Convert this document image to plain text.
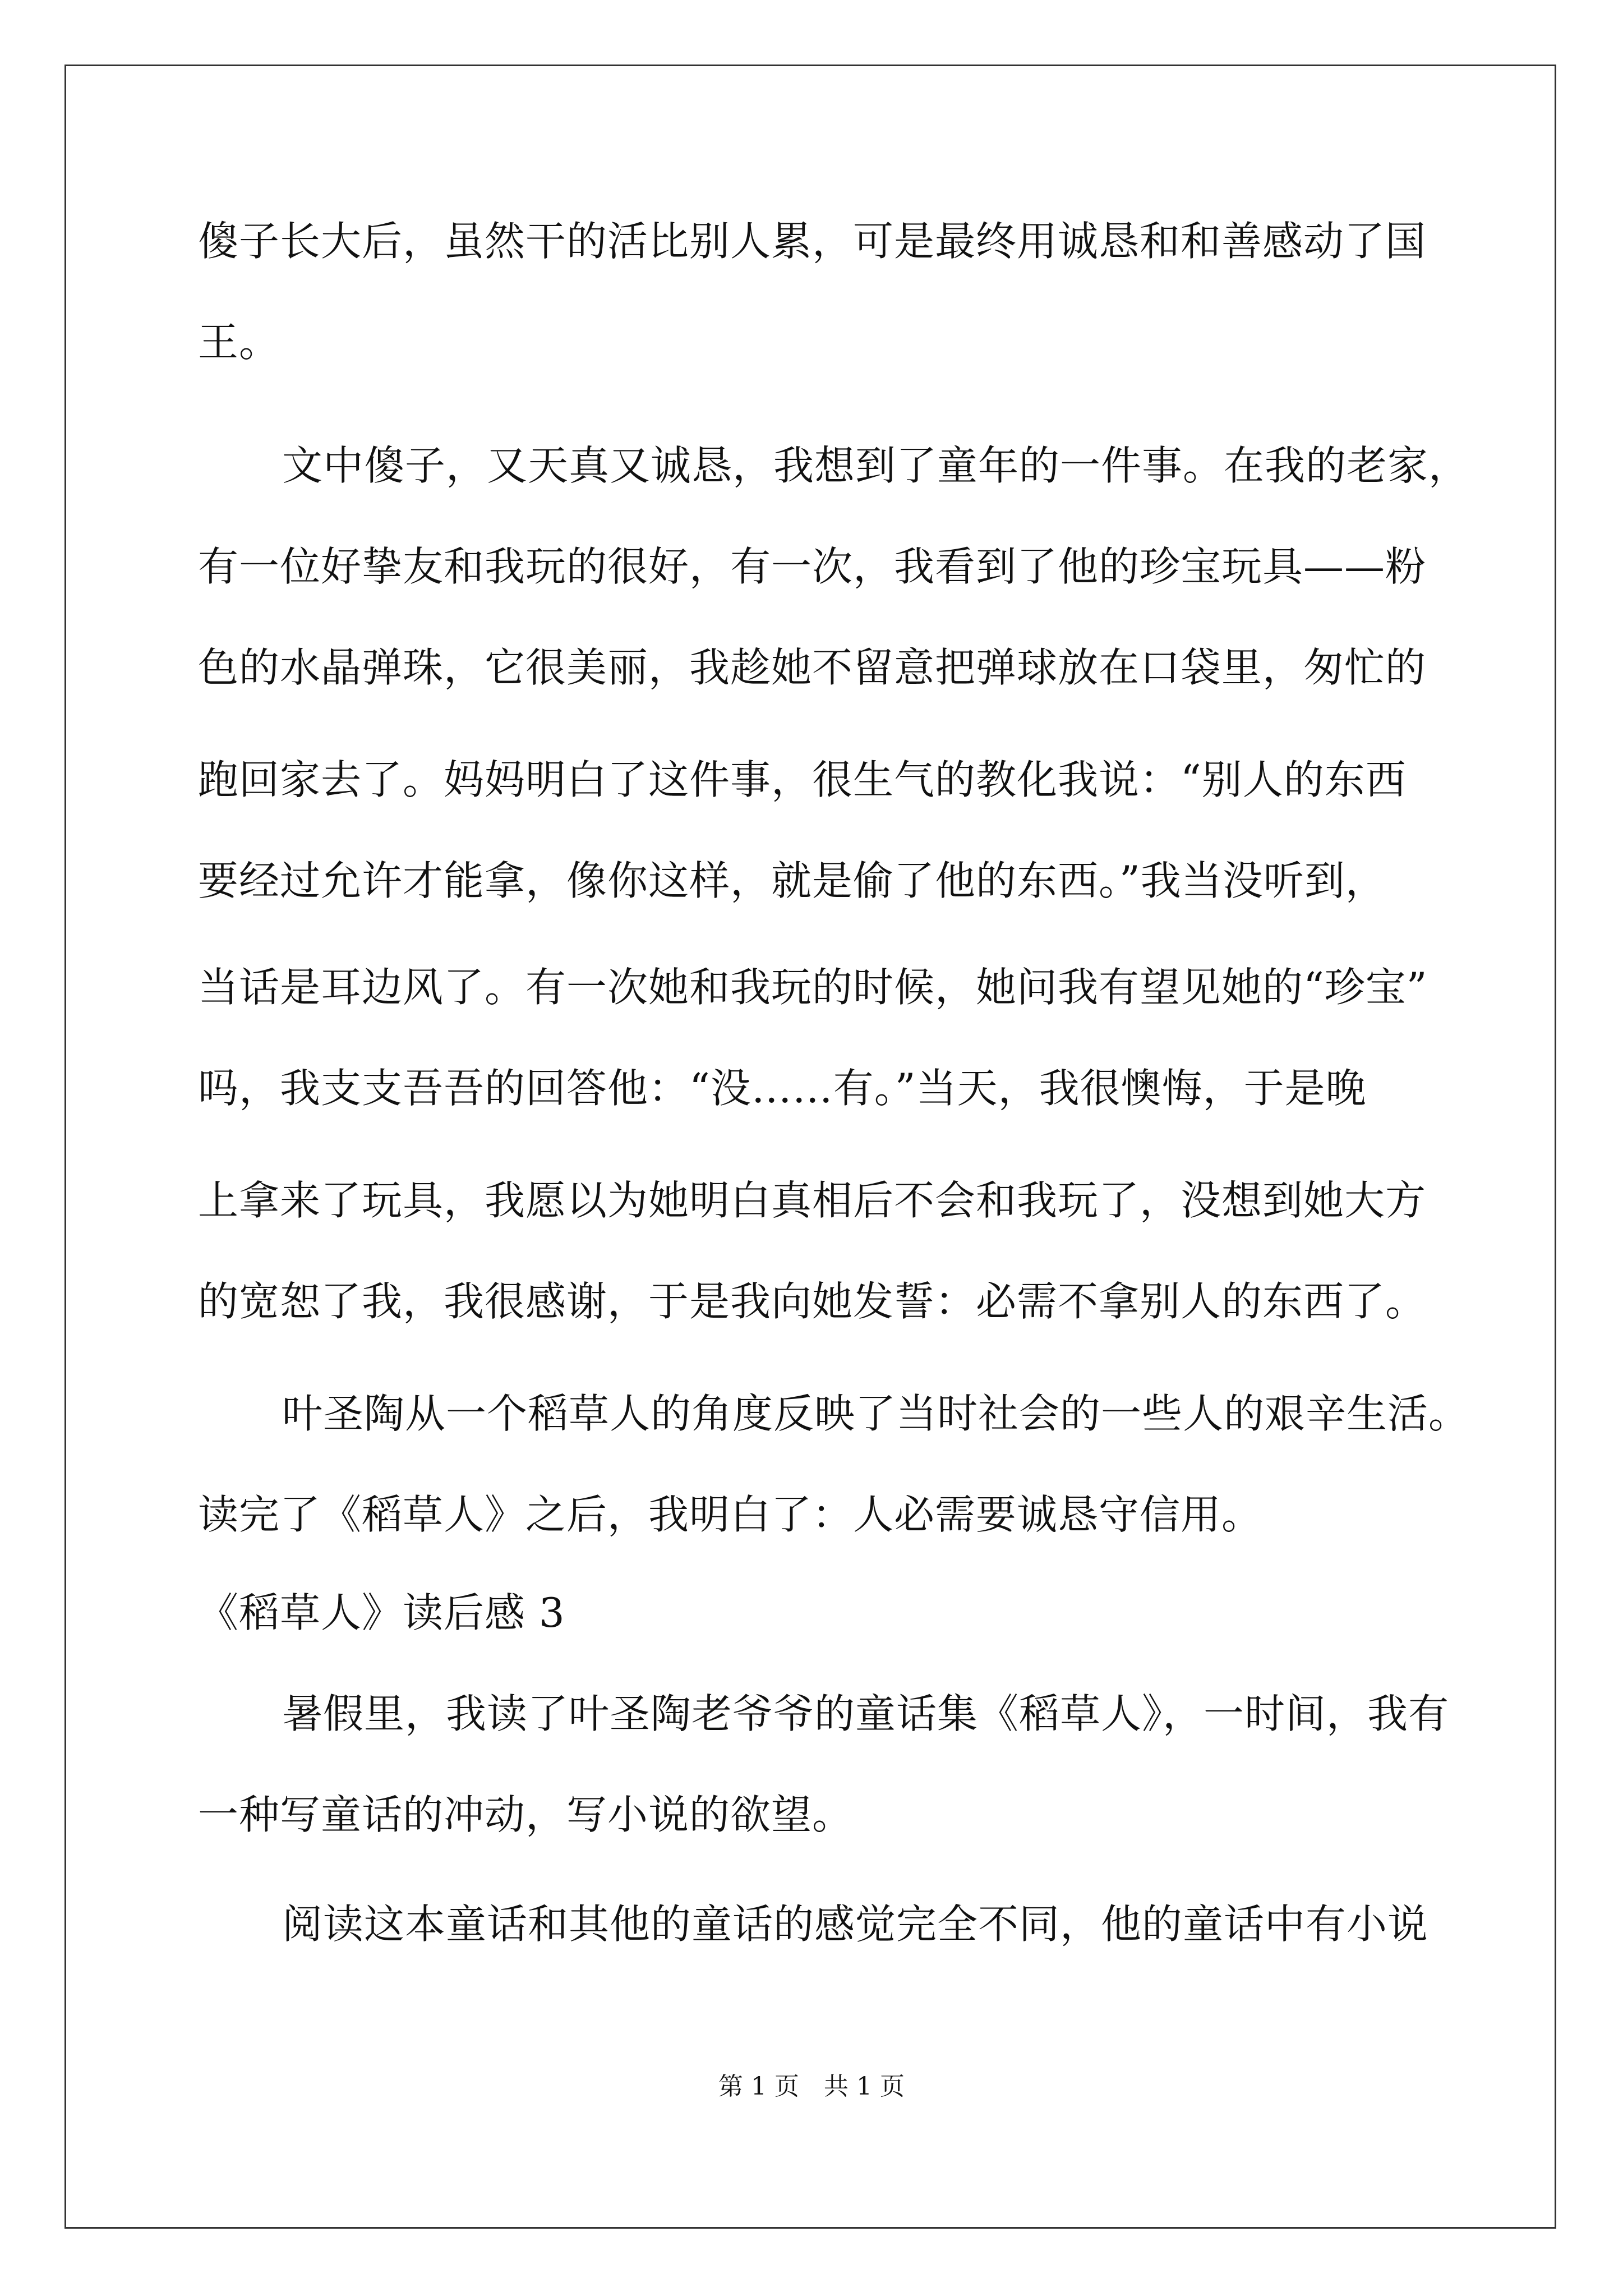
傻子长大后，虽然干的活比别人累，可是最终用诚恳和和善感动了国
王。
文中傻子，又天真又诚恳，我想到了童年的一件事。在我的老家，
有一位好挚友和我玩的很好，有一次，我看到了他的珍宝玩具——粉
色的水晶弹珠，它很美丽，我趁她不留意把弹球放在口袋里，匆忙的
跑回家去了。妈妈明白了这件事，很生气的教化我说：“别人的东西
要经过允许才能拿，像你这样，就是偷了他的东西。”我当没听到，
当话是耳边风了。有一次她和我玩的时候，她问我有望见她的“珍宝”
吗，我支支吾吾的回答他：“没……有。”当天，我很懊悔，于是晚
上拿来了玩具，我愿以为她明白真相后不会和我玩了，没想到她大方
的宽恕了我，我很感谢，于是我向她发誓：必需不拿别人的东西了。
叶圣陶从一个稻草人的角度反映了当时社会的一些人的艰辛生活。
读完了《稻草人》之后，我明白了：人必需要诚恳守信用。
《稻草人》读后感 3
暑假里，我读了叶圣陶老爷爷的童话集《稻草人》，一时间，我有
一种写童话的冲动，写小说的欲望。
阅读这本童话和其他的童话的感觉完全不同，他的童话中有小说
第 1 页　共 1 页
